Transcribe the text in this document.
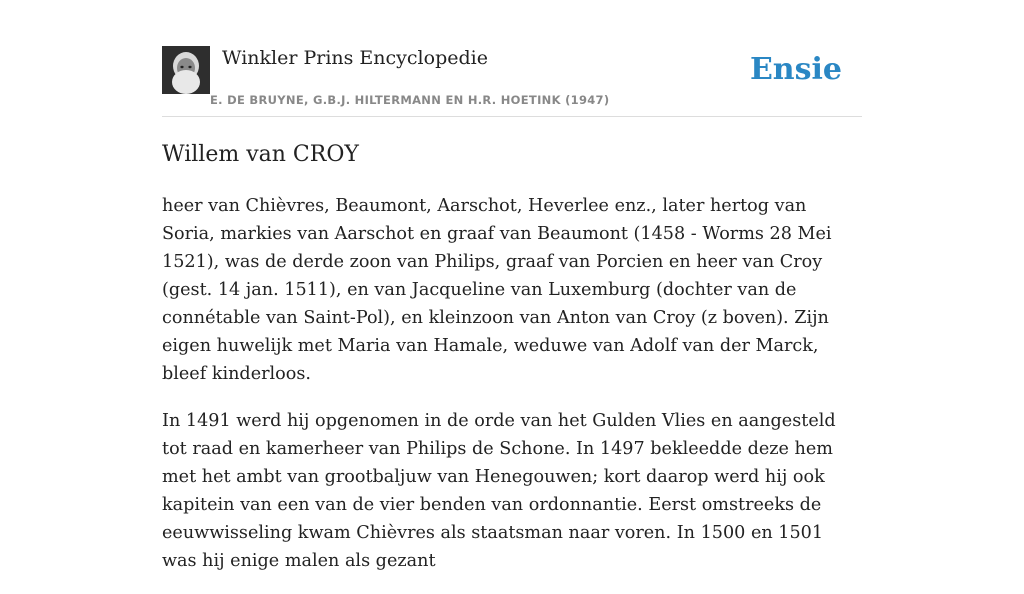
Winkler Prins Encyclopedie
E. DE BRUYNE, G.B.J. HILTERMANN EN H.R. HOETINK (1947)
Ensie
Willem van CROY

heer van Chièvres, Beaumont, Aarschot, Heverlee enz., later hertog van Soria, markies van Aarschot en graaf van Beaumont (1458 - Worms 28 Mei 1521), was de derde zoon van Philips, graaf van Porcien en heer van Croy (gest. 14 jan. 1511), en van Jacqueline van Luxemburg (dochter van de connétable van Saint-Pol), en kleinzoon van Anton van Croy (z boven). Zijn eigen huwelijk met Maria van Hamale, weduwe van Adolf van der Marck, bleef kinderloos.

In 1491 werd hij opgenomen in de orde van het Gulden Vlies en aangesteld tot raad en kamerheer van Philips de Schone. In 1497 bekleedde deze hem met het ambt van grootbaljuw van Henegouwen; kort daarop werd hij ook kapitein van een van de vier benden van ordonnantie. Eerst omstreeks de eeuwwisseling kwam Chièvres als staatsman naar voren. In 1500 en 1501 was hij enige malen als gezant
